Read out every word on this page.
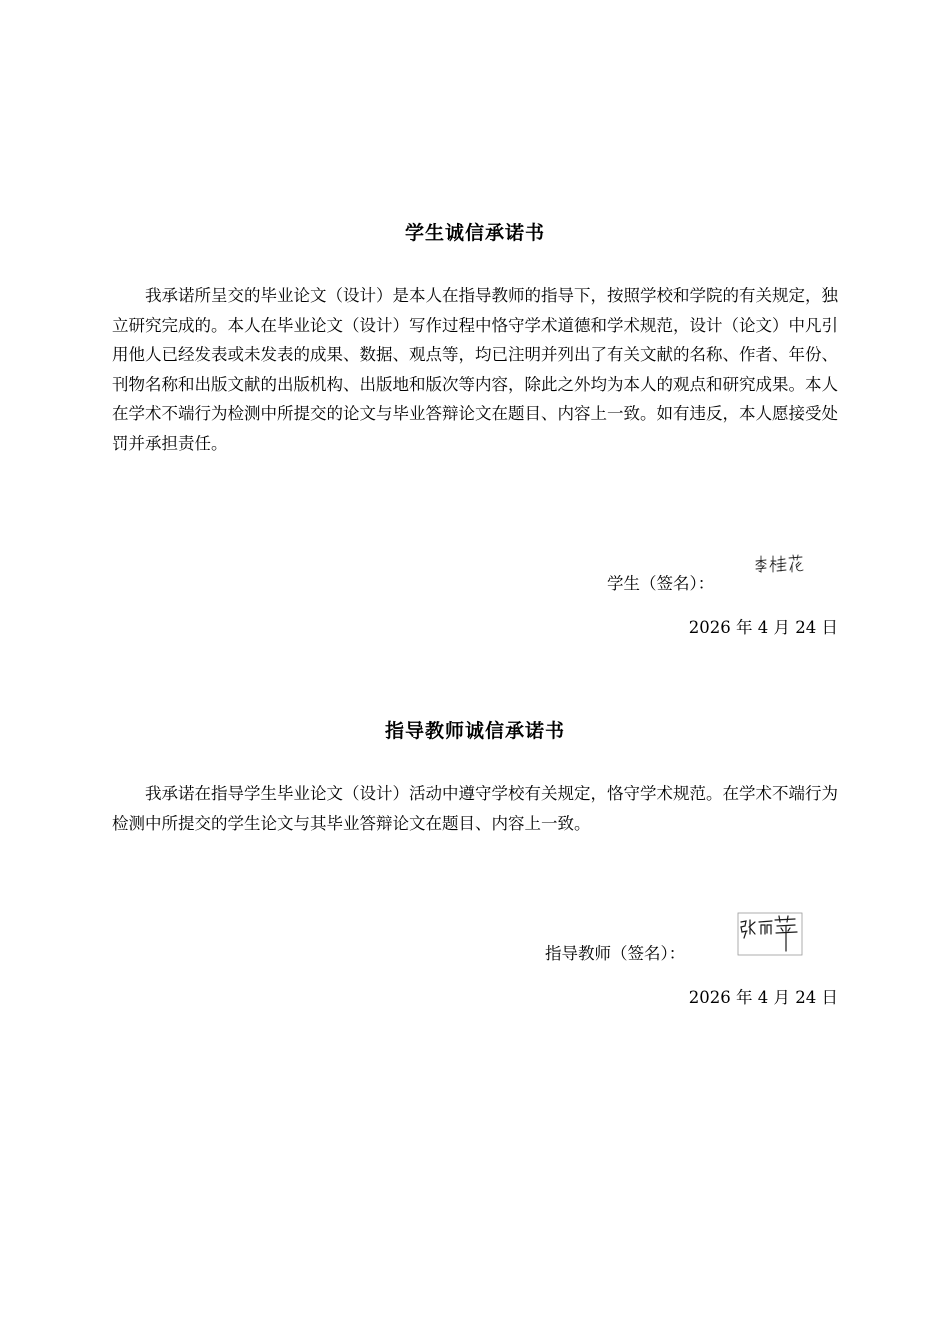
学生诚信承诺书

我承诺所呈交的毕业论文（设计）是本人在指导教师的指导下，按照学校和学院的有关规定，独立研究完成的。本人在毕业论文（设计）写作过程中恪守学术道德和学术规范，设计（论文）中凡引用他人已经发表或未发表的成果、数据、观点等，均已注明并列出了有关文献的名称、作者、年份、刊物名称和出版文献的出版机构、出版地和版次等内容，除此之外均为本人的观点和研究成果。本人在学术不端行为检测中所提交的论文与毕业答辩论文在题目、内容上一致。如有违反，本人愿接受处罚并承担责任。

学生（签名）：
2026 年 4 月 24 日
指导教师诚信承诺书

我承诺在指导学生毕业论文（设计）活动中遵守学校有关规定，恪守学术规范。在学术不端行为检测中所提交的学生论文与其毕业答辩论文在题目、内容上一致。

指导教师（签名）：
2026 年 4 月 24 日
